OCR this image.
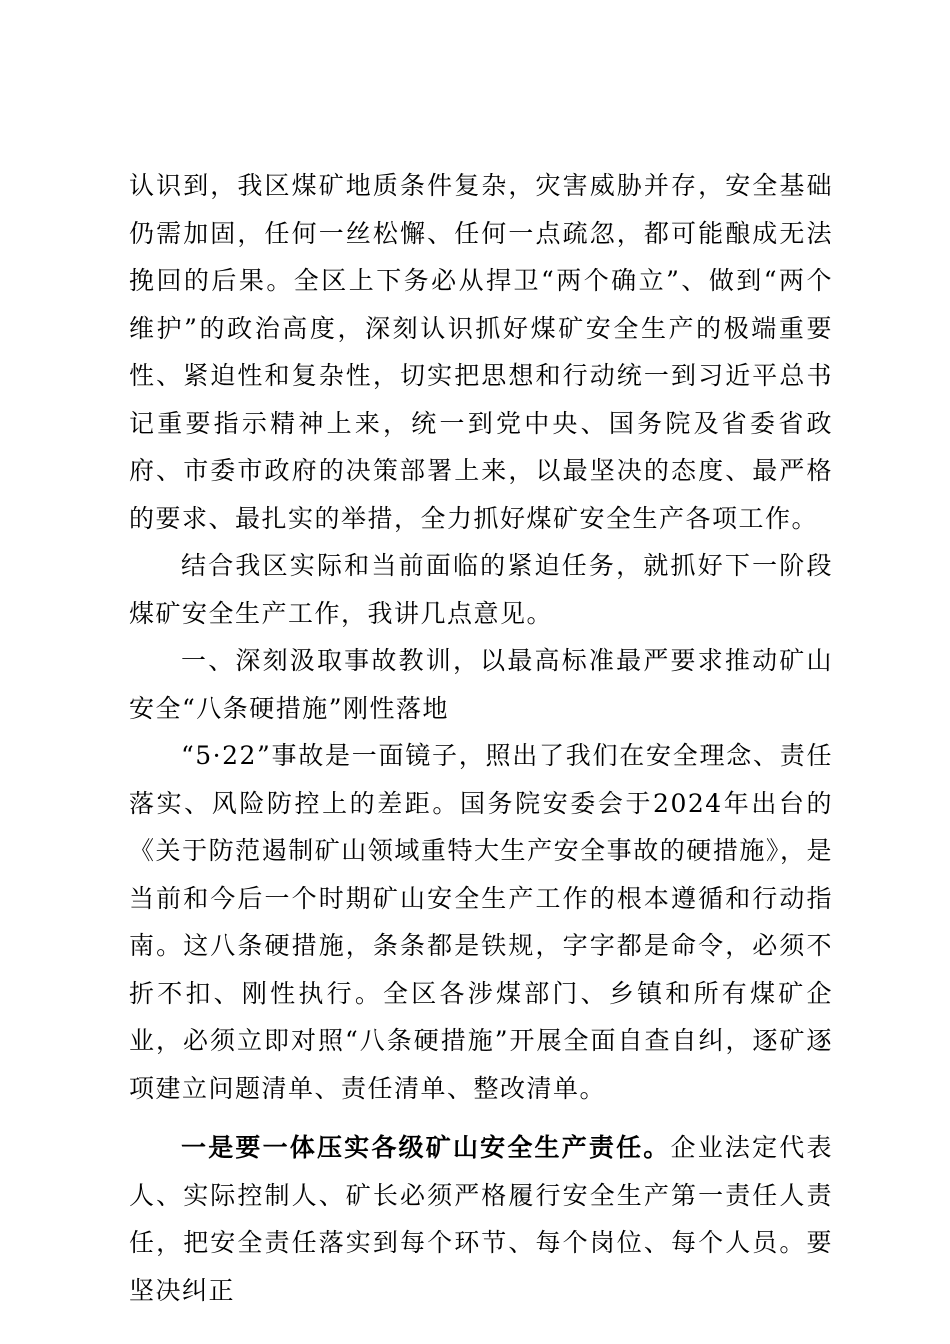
认识到，我区煤矿地质条件复杂，灾害威胁并存，安全基础仍需加固，任何一丝松懈、任何一点疏忽，都可能酿成无法挽回的后果。全区上下务必从捍卫“两个确立”、做到“两个维护”的政治高度，深刻认识抓好煤矿安全生产的极端重要性、紧迫性和复杂性，切实把思想和行动统一到习近平总书记重要指示精神上来，统一到党中央、国务院及省委省政府、市委市政府的决策部署上来，以最坚决的态度、最严格的要求、最扎实的举措，全力抓好煤矿安全生产各项工作。

结合我区实际和当前面临的紧迫任务，就抓好下一阶段煤矿安全生产工作，我讲几点意见。

一、深刻汲取事故教训，以最高标准最严要求推动矿山安全“八条硬措施”刚性落地

“5·22”事故是一面镜子，照出了我们在安全理念、责任落实、风险防控上的差距。国务院安委会于2024年出台的《关于防范遏制矿山领域重特大生产安全事故的硬措施》，是当前和今后一个时期矿山安全生产工作的根本遵循和行动指南。这八条硬措施，条条都是铁规，字字都是命令，必须不折不扣、刚性执行。全区各涉煤部门、乡镇和所有煤矿企业，必须立即对照“八条硬措施”开展全面自查自纠，逐矿逐项建立问题清单、责任清单、整改清单。

一是要一体压实各级矿山安全生产责任。企业法定代表人、实际控制人、矿长必须严格履行安全生产第一责任人责任，把安全责任落实到每个环节、每个岗位、每个人员。要坚决纠正
